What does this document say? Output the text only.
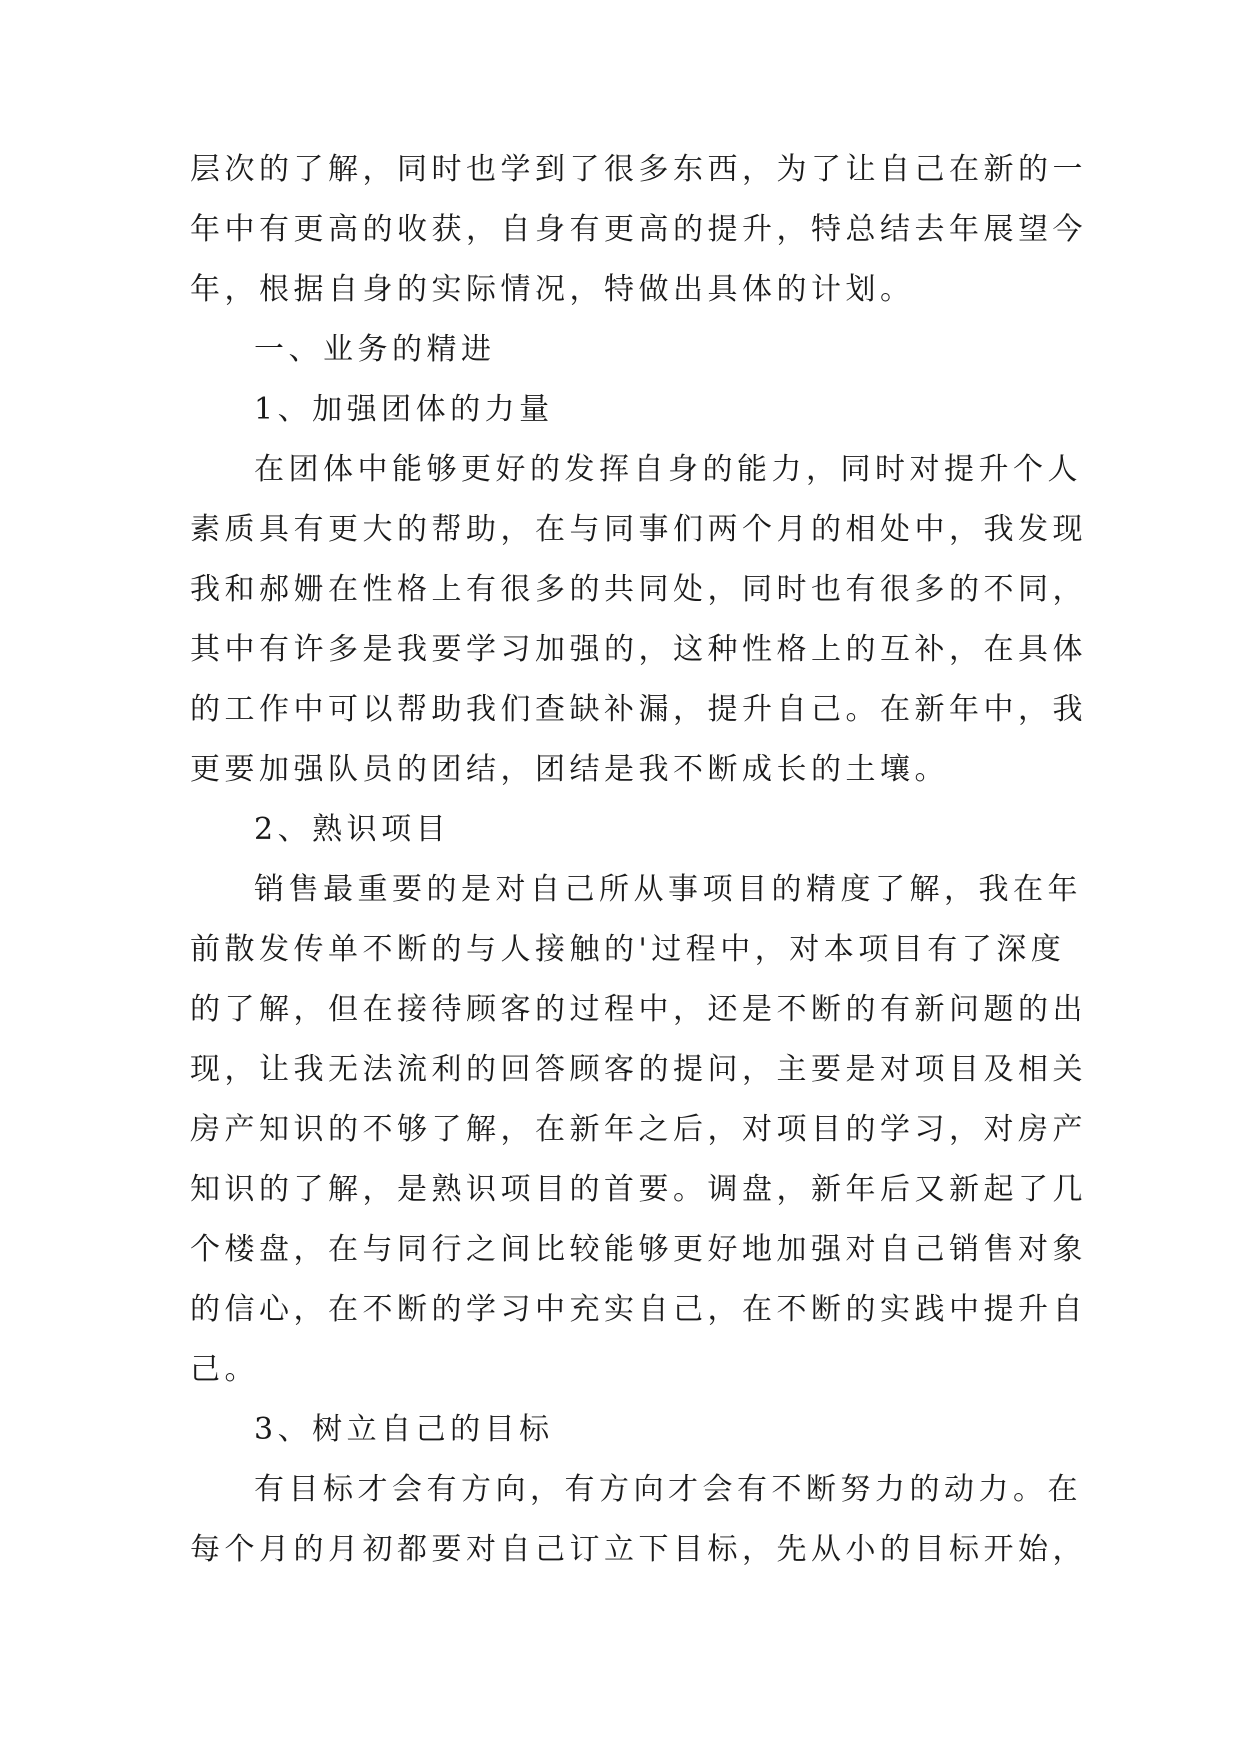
层次的了解，同时也学到了很多东西，为了让自己在新的一
年中有更高的收获，自身有更高的提升，特总结去年展望今
年，根据自身的实际情况，特做出具体的计划。
一、业务的精进
1、加强团体的力量
在团体中能够更好的发挥自身的能力，同时对提升个人
素质具有更大的帮助，在与同事们两个月的相处中，我发现
我和郝姗在性格上有很多的共同处，同时也有很多的不同，
其中有许多是我要学习加强的，这种性格上的互补，在具体
的工作中可以帮助我们查缺补漏，提升自己。在新年中，我
更要加强队员的团结，团结是我不断成长的土壤。
2、熟识项目
销售最重要的是对自己所从事项目的精度了解，我在年
前散发传单不断的与人接触的'过程中，对本项目有了深度
的了解，但在接待顾客的过程中，还是不断的有新问题的出
现，让我无法流利的回答顾客的提问，主要是对项目及相关
房产知识的不够了解，在新年之后，对项目的学习，对房产
知识的了解，是熟识项目的首要。调盘，新年后又新起了几
个楼盘，在与同行之间比较能够更好地加强对自己销售对象
的信心，在不断的学习中充实自己，在不断的实践中提升自
己。
3、树立自己的目标
有目标才会有方向，有方向才会有不断努力的动力。在
每个月的月初都要对自己订立下目标，先从小的目标开始，
